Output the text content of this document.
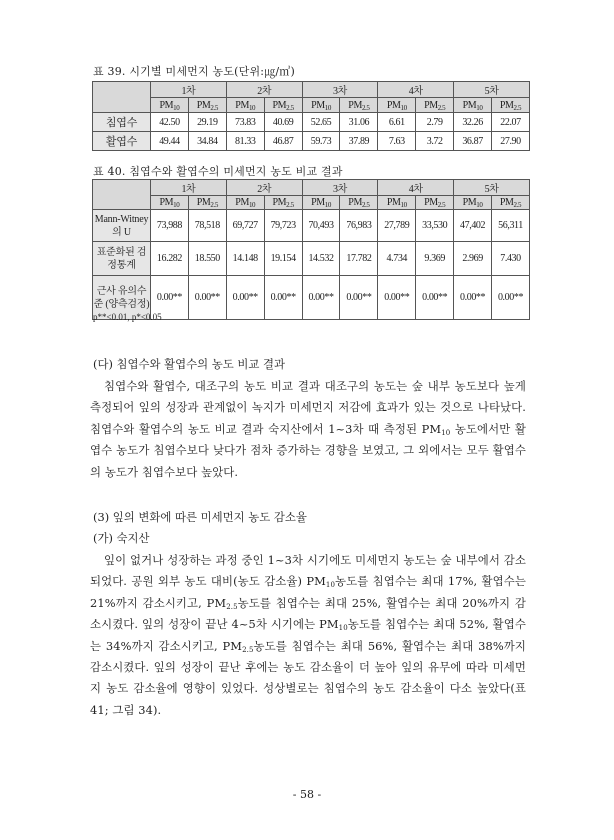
표 39. 시기별 미세먼지 농도(단위:㎍/㎥)
	1차		2차		3차		4차		5차	
	$PM_{10}$	$PM_{2.5}$	$PM_{10}$	$PM_{2.5}$	$PM_{10}$	$PM_{2.5}$	$PM_{10}$	$PM_{2.5}$	$PM_{10}$	$PM_{2.5}$
침엽수	42.50	29.19	73.83	40.69	52.65	31.06	6.61	2.79	32.26	22.07
활엽수	49.44	34.84	81.33	46.87	59.73	37.89	7.63	3.72	36.87	27.90
표 40. 침엽수와 활엽수의 미세먼지 농도 비교 결과
	1차		2차		3차		4차		5차	
	$PM_{10}$	$PM_{2.5}$	$PM_{10}$	$PM_{2.5}$	$PM_{10}$	$PM_{2.5}$	$PM_{10}$	$PM_{2.5}$	$PM_{10}$	$PM_{2.5}$
Mann-Witney의 U	73,988	78,518	69,727	79,723	70,493	76,983	27,789	33,530	47,402	56,311
표준화된 검정통계	16.282	18.550	14.148	19.154	14.532	17.782	4.734	9.369	2.969	7.430
근사 유의수준 (양측검정)	0.00**	0.00**	0.00**	0.00**	0.00**	0.00**	0.00**	0.00**	0.00**	0.00**
p**<0.01, p*<0.05
(다) 침엽수와 활엽수의 농도 비교 결과

침엽수와 활엽수, 대조구의 농도 비교 결과 대조구의 농도는 숲 내부 농도보다 높게 측정되어 잎의 성장과 관계없이 녹지가 미세먼지 저감에 효과가 있는 것으로 나타났다. 침엽수와 활엽수의 농도 비교 결과 숙지산에서 1~3차 때 측정된 $PM_{10}$ 농도에서만 활엽수 농도가 침엽수보다 낮다가 점차 증가하는 경향을 보였고, 그 외에서는 모두 활엽수의 농도가 침엽수보다 높았다.

(3) 잎의 변화에 따른 미세먼지 농도 감소율
(가) 숙지산

잎이 없거나 성장하는 과정 중인 1~3차 시기에도 미세먼지 농도는 숲 내부에서 감소되었다. 공원 외부 농도 대비(농도 감소율) $PM_{10}$농도를 침엽수는 최대 17%, 활엽수는 21%까지 감소시키고, $PM_{2.5}$농도를 침엽수는 최대 25%, 활엽수는 최대 20%까지 감소시켰다. 잎의 성장이 끝난 4~5차 시기에는 $PM_{10}$농도를 침엽수는 최대 52%, 활엽수는 34%까지 감소시키고, $PM_{2.5}$농도를 침엽수는 최대 56%, 활엽수는 최대 38%까지 감소시켰다. 잎의 성장이 끝난 후에는 농도 감소율이 더 높아 잎의 유무에 따라 미세먼지 농도 감소율에 영향이 있었다. 성상별로는 침엽수의 농도 감소율이 다소 높았다(표 41; 그림 34).

- 58 -
